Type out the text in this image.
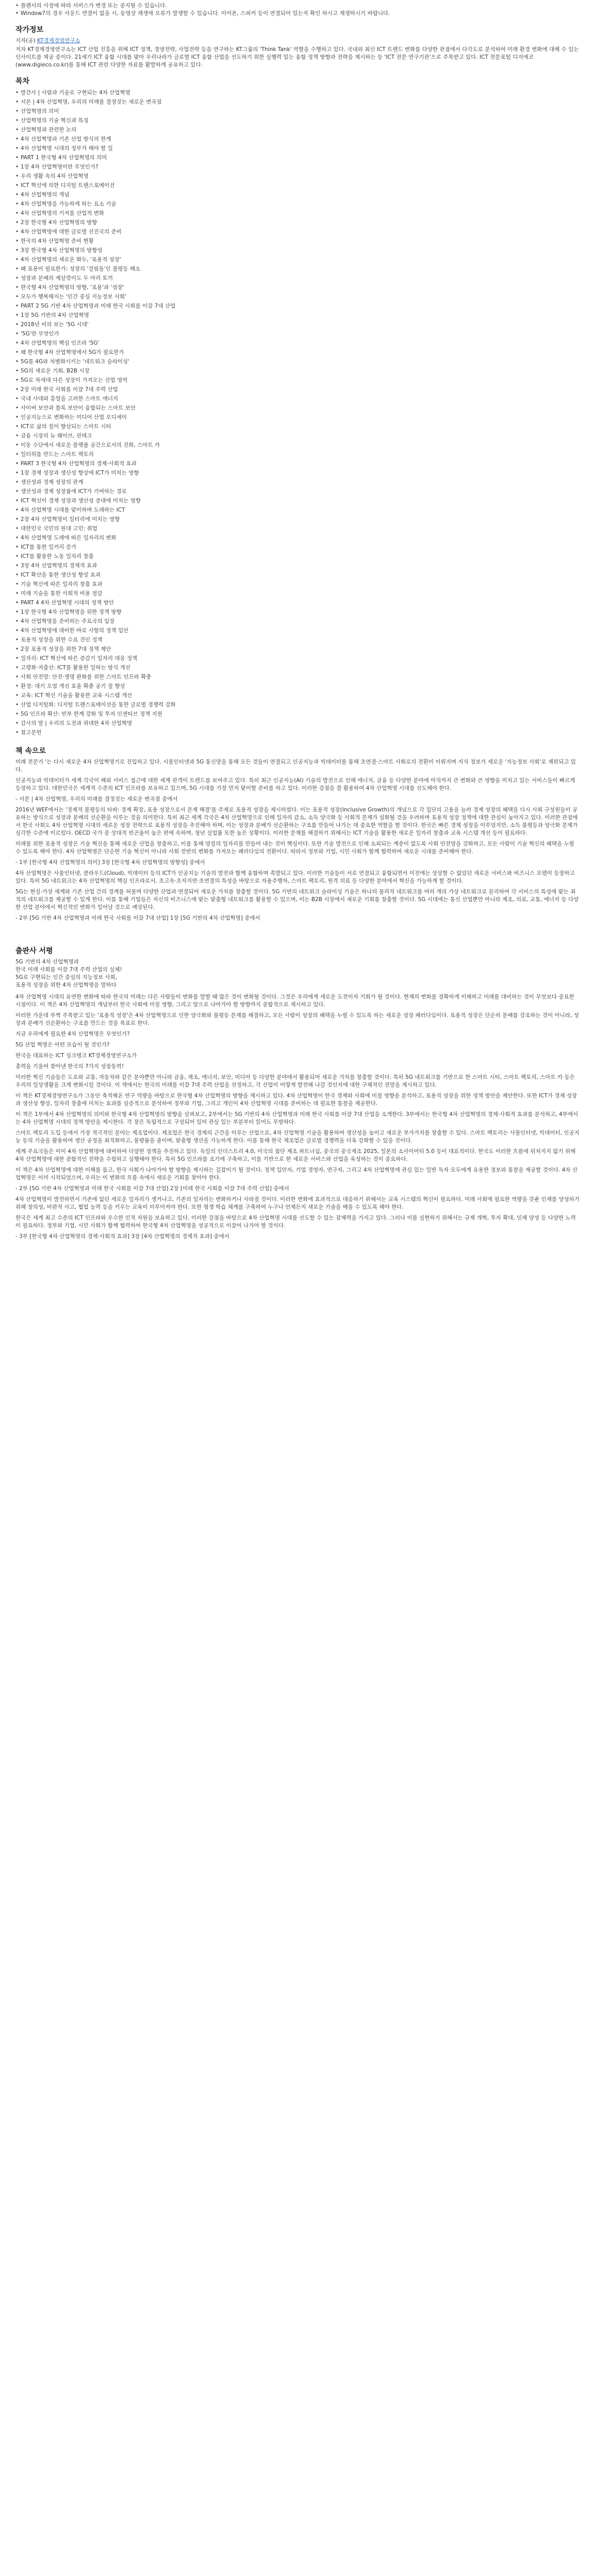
• 플랜서의 사정에 따라 서비스가 변경 또는 종지될 수 있습니다.
• Window7의 경우 사운드 연결이 없을 시, 동영상 재생에 오류가 발생할 수 있습니다. 이어폰, 스피커 등이 연결되어 있는지 확인 하시고 재생하시기 바랍니다.
작가정보
지자(공) KT경제경영연구소

저자 KT경제경영연구소는 ICT 산업 진흥을 위해 ICT 정책, 경영전략, 사업전략 등을 연구하는 KT그룹의 'Think Tank' 역할을 수행하고 있다. 국내외 최신 ICT 트렌드 변화를 다양한 관점에서 다각도로 분석하여 미래 환경 변화에 대해 수 있는 인사이트를 제공 중이다. 21세기 ICT 융합 시대를 맞아 우리나라가 글로벌 ICT 융합 산업을 선도하기 위한 실행력 있는 융합 정책 방향과 전략을 제시하는 등 'ICT 전문 연구기관'으로 주목받고 있다. ICT 전문포털 디지에코(www.digieco.co.kr)를 통해 ICT 관련 다양한 자료를 활발하게 공유하고 있다.

목차
• 발간사 | 사람과 기술로 구현되는 4차 산업혁명
• 서론 | 4차 산업혁명, 우리의 미래를 결정짓는 새로운 변곡점
• 산업혁명의 의미
• 산업혁명의 기술 혁신과 특징
• 산업혁명과 관련한 논의
• 4차 산업혁명과 기존 산업 방식의 한계
• 4차 산업혁명 시대의 정부가 해야 할 일
• PART 1 한국형 4차 산업혁명의 의미
• 1장 4차 산업혁명이란 무엇인가?
• 우리 생활 속의 4차 산업혁명
• ICT 혁신에 의한 디지털 트랜스포메이션
• 4차 산업혁명의 개념
• 4차 산업혁명을 가능하게 하는 요소 기술
• 4차 산업혁명의 기저를 산업적 변화
• 2장 한국형 4차 산업혁명의 방향
• 4차 산업혁명에 대한 글로벌 선진국의 준비
• 한국의 4차 산업혁명 준비 현황
• 3장 한국형 4차 산업혁명의 방향성
• 4차 산업혁명의 새로운 화두, '포용적 성장'
• 왜 포용이 필요한가: 성장의 '걸림돌'인 불평등 해소
• 성장과 분배의 제살깎이도 두 마리 토끼
• 한국형 4차 산업혁명의 방향, '포용'과 '성장'
• 모두가 행복해지는 '인간 중심 지능정보 사회'
• PART 2 5G 기반 4차 산업혁명과 미래 한국 사회를 이끌 7대 산업
• 1장 5G 기반의 4차 산업혁명
• 2018년 비의 보는 '5G 시대'
• '5G'란 무엇인가
• 4차 산업혁명의 핵심 인프라 '5G'
• 왜 한국형 4차 산업혁명에서 5G가 필요한가
• 5G를 4G와 차별화시키는 '네트워크 슬라이싱'
• 5G의 새로운 기회, B2B 시장
• 5G로 차세대 다른 성장이 가져오는 산업 영역
• 2장 미래 한국 사회를 이끌 7대 주력 산업
• 국내 사대와 흥얼을 고려한 스마트 에너지
• 사이버 보안과 블록 보안이 융합되는 스마트 보안
• 인공지능으로 변화하는 미디어 산업 오디세이
• ICT로 삶의 질이 향상되는 스마트 시티
• 금융 시장의 뉴 웨이브, 핀테크
• 이동 수단에서 새로운 플랫폼 공간으로서의 진화, 스마트 카
• 일터위를 만드는 스마트 팩토리
• PART 3 한국형 4차 산업혁명의 경제·사회적 효과
• 1장 경제 성장과 생산성 향상에 ICT가 미치는 영향
• 생산성과 경제 성장의 관계
• 생산성과 경제 성장률에 ICT가 기여하는 경로
• ICT 혁신이 경제 성장과 생산성 증대에 미치는 영향
• 4차 산업혁명 시대를 맞이하며 도래하는 ICT
• 2장 4차 산업혁명이 일터리에 미치는 영향
• 대한민국 국민의 원대 고민: 취업
• 4차 산업혁명 도래에 따른 일자리의 변화
• ICT를 통한 일거리 증가
• ICT를 활용한 노동 일자리 창출
• 3장 4차 산업혁명의 경제적 효과
• ICT 확산을 통한 생산성 향상 효과
• 기술 혁신에 따른 일자리 창출 효과
• 미래 기술을 통한 사회적 비용 절감
• PART 4 4차 산업혁명 시대의 정책 방안
• 1장 한국형 4차 산업혁명을 위한 정책 방향
• 4차 산업혁명을 준비하는 주요국의 입장
• 4차 산업혁명에 대비한 바로 사항의 정책 입안
• 포용적 성장을 위한 수요 견인 정책
• 2장 포용적 성장을 위한 7대 정책 제안
• 일자리: ICT 혁신에 따른 증감기 일자리 대응 정책
• 고령화·저출산: ICT를 활용한 일하는 방식 개선
• 사회 안전망: 안전·생명 완화를 위한 스마트 인프라 확충
• 환경: 대기 오염 개선 효율 확충 공기 질 향상
• 교육: ICT 혁신 기술을 활용한 교육 시스템 개선
• 산업 디지털화: 디지털 트랜스포메이션을 통한 글로벌 경쟁력 강화
• 5G 인프라 확산: 빈부 한계 강화 및 투자 인센티브 정책 지원
• 감사의 말 | 우리의 도전과 위대한 4차 산업혁명
• 참고문헌
책 속으로

미래 전문가 '는 다시 새로운 4차 산업혁명기로 진입하고 있다. 시물인터넷과 5G 통신망을 통해 모든 것들이 연결되고 인공지능과 빅데이터를 통해 초연결·스마트 사회로의 전환이 이뤄지며 지식 정보가 새로운 '지능정보 사회'로 재편되고 있다.

인공지능과 빅데이터가 세계 각국이 해외 서비스 접근에 대한 세계 관객이 트렌드를 보여주고 있다. 특히 최근 인공지능(AI) 기술의 발전으로 인해 에너지, 금융 등 다양한 분야에 아직까지 큰 변화와 큰 영향을 미치고 있는 서비스들이 빠르게 등장하고 있다. 대한민국은 세계적 수준의 ICT 인프라를 보유하고 있으며, 5G 시대를 가장 먼저 맞이할 준비를 하고 있다. 이러한 강점을 잘 활용하여 4차 산업혁명 시대를 선도해야 한다.

- 서문 | 4차 산업혁명, 우리의 미래를 결정짓는 새로운 변곡점 중에서

2016년 WEF에서는 '경제적 불평등의 타파: 경제 확장, 포용 성장으로서 문제 해결'를 주제로 포용적 성장을 제시하였다. 이는 포용적 성장(Inclusive Growth)의 개념으로 각 집단의 고용을 늘려 경제 성장의 혜택을 다시 사회 구성원들이 공유하는 방식으로 성장과 분배의 선순환을 이루는 것을 의미한다. 특히 최근 세계 각국은 4차 산업혁명으로 인해 일자리 감소, 소득 양극화 등 사회적 문제가 심화될 것을 우려하며 포용적 성장 정책에 대한 관심이 높아지고 있다. 이러한 관점에서 한국 사회도 4차 산업혁명 시대의 새로운 성장 전략으로 포용적 성장을 추진해야 하며, 이는 성장과 분배가 선순환하는 구조를 만들어 나가는 데 중요한 역할을 할 것이다. 한국은 빠른 경제 성장을 이루었지만, 소득 불평등과 양극화 문제가 심각한 수준에 이르렀다. OECD 국가 중 상대적 빈곤율이 높은 편에 속하며, 청년 실업률 또한 높은 상황이다. 이러한 문제를 해결하기 위해서는 ICT 기술을 활용한 새로운 일자리 창출과 교육 시스템 개선 등이 필요하다.

미래를 위한 포용적 성장은 기술 혁신을 통해 새로운 산업을 창출하고, 이를 통해 양질의 일자리를 만들어 내는 것이 핵심이다. 또한 기술 발전으로 인해 소외되는 계층이 없도록 사회 안전망을 강화하고, 모든 사람이 기술 혁신의 혜택을 누릴 수 있도록 해야 한다. 4차 산업혁명은 단순한 기술 혁신이 아니라 사회 전반의 변화를 가져오는 패러다임의 전환이다. 따라서 정부와 기업, 시민 사회가 함께 협력하여 새로운 시대를 준비해야 한다.

- 1부 [한국형 4차 산업혁명의 의미] 3장 [한국형 4차 산업혁명의 방향성] 중에서

4차 산업혁명은 사물인터넷, 클라우드(Cloud), 빅데이터 등의 ICT가 인공지능 기술의 발전과 함께 융합하며 촉발되고 있다. 이러한 기술들이 서로 연결되고 융합되면서 이전에는 상상할 수 없었던 새로운 서비스와 비즈니스 모델이 등장하고 있다. 특히 5G 네트워크는 4차 산업혁명의 핵심 인프라로서, 초고속·초저지연·초연결의 특성을 바탕으로 자율주행차, 스마트 팩토리, 원격 의료 등 다양한 분야에서 혁신을 가능하게 할 것이다.

5G는 현실·가상 세계와 기존 산업 간의 경계를 허물며 다양한 산업과 연결되어 새로운 가치를 창출할 것이다. 5G 기반의 네트워크 슬라이싱 기술은 하나의 물리적 네트워크를 여러 개의 가상 네트워크로 분리하여 각 서비스의 특성에 맞는 최적의 네트워크를 제공할 수 있게 한다. 이를 통해 기업들은 자신의 비즈니스에 맞는 맞춤형 네트워크를 활용할 수 있으며, 이는 B2B 시장에서 새로운 기회를 창출할 것이다. 5G 시대에는 통신 산업뿐만 아니라 제조, 의료, 교통, 에너지 등 다양한 산업 분야에서 혁신적인 변화가 일어날 것으로 예상된다.

- 2부 [5G 기반 4차 산업혁명과 미래 한국 사회를 이끌 7대 산업] 1장 [5G 기반의 4차 산업혁명] 중에서

출판사 서평
5G 기반의 4차 산업혁명과
한국 미래 사회를 이끌 7대 주력 산업의 실체!
5G로 구현되는 인간 중심의 지능정보 사회,
포용적 성장을 위한 4차 산업혁명을 말하다

4차 산업혁명 시대의 유연한 변화에 따라 한국의 미래는 다른 사람들이 변화를 말할 때 많은 것이 변화될 것이다. 그것은 우리에게 새로운 도전이자 기회가 될 것이다. 현재의 변화를 정확하게 이해하고 미래를 대비하는 것이 무엇보다 중요한 시점이다. 이 책은 4차 산업혁명의 개념부터 한국 사회에 미칠 영향, 그리고 앞으로 나아가야 할 방향까지 종합적으로 제시하고 있다.

이러한 가운데 부쩍 주목받고 있는 '포용적 성장'은 4차 산업혁명으로 인한 양극화와 불평등 문제를 해결하고, 모든 사람이 성장의 혜택을 누릴 수 있도록 하는 새로운 성장 패러다임이다. 포용적 성장은 단순히 분배를 강조하는 것이 아니라, 성장과 분배가 선순환하는 구조를 만드는 것을 목표로 한다.

지금 우리에게 필요한 4차 산업혁명은 무엇인가?

5G 산업 혁명은 어떤 모습이 될 것인가?

한국을 대표하는 ICT 싱크탱크 KT경제경영연구소가

총력을 기울여 찾아낸 한국의 7가지 성장동력!

이러한 혁신 기술들은 도로와 교통, 자동차와 같은 분야뿐만 아니라 금융, 제조, 에너지, 보안, 미디어 등 다양한 분야에서 활용되어 새로운 가치를 창출할 것이다. 특히 5G 네트워크를 기반으로 한 스마트 시티, 스마트 팩토리, 스마트 카 등은 우리의 일상생활을 크게 변화시킬 것이다. 이 책에서는 한국의 미래를 이끌 7대 주력 산업을 선정하고, 각 산업이 어떻게 발전해 나갈 것인지에 대한 구체적인 전망을 제시하고 있다.

이 책은 KT경제경영연구소가 그동안 축적해온 연구 역량을 바탕으로 한국형 4차 산업혁명의 방향을 제시하고 있다. 4차 산업혁명이 한국 경제와 사회에 미칠 영향을 분석하고, 포용적 성장을 위한 정책 방안을 제안한다. 또한 ICT가 경제 성장과 생산성 향상, 일자리 창출에 미치는 효과를 실증적으로 분석하여 정부와 기업, 그리고 개인이 4차 산업혁명 시대를 준비하는 데 필요한 통찰을 제공한다.

이 책은 1부에서 4차 산업혁명의 의미와 한국형 4차 산업혁명의 방향을 살펴보고, 2부에서는 5G 기반의 4차 산업혁명과 미래 한국 사회를 이끌 7대 산업을 소개한다. 3부에서는 한국형 4차 산업혁명의 경제·사회적 효과를 분석하고, 4부에서는 4차 산업혁명 시대의 정책 방안을 제시한다. 각 장은 독립적으로 구성되어 있어 관심 있는 부분부터 읽어도 무방하다.

스마트 팩토리 도입 등에서 가장 적극적인 분야는 제조업이다. 제조업은 한국 경제의 근간을 이루는 산업으로, 4차 산업혁명 기술을 활용하여 생산성을 높이고 새로운 부가가치를 창출할 수 있다. 스마트 팩토리는 사물인터넷, 빅데이터, 인공지능 등의 기술을 활용하여 생산 공정을 최적화하고, 불량률을 줄이며, 맞춤형 생산을 가능하게 한다. 이를 통해 한국 제조업은 글로벌 경쟁력을 더욱 강화할 수 있을 것이다.

세계 주요국들은 이미 4차 산업혁명에 대비하여 다양한 정책을 추진하고 있다. 독일의 인더스트리 4.0, 미국의 첨단 제조 파트너십, 중국의 중국제조 2025, 일본의 소사이어티 5.0 등이 대표적이다. 한국도 이러한 흐름에 뒤처지지 않기 위해 4차 산업혁명에 대한 종합적인 전략을 수립하고 실행해야 한다. 특히 5G 인프라를 조기에 구축하고, 이를 기반으로 한 새로운 서비스와 산업을 육성하는 것이 중요하다.

이 책은 4차 산업혁명에 대한 이해를 돕고, 한국 사회가 나아가야 할 방향을 제시하는 길잡이가 될 것이다. 정책 입안자, 기업 경영자, 연구자, 그리고 4차 산업혁명에 관심 있는 일반 독자 모두에게 유용한 정보와 통찰을 제공할 것이다. 4차 산업혁명은 이미 시작되었으며, 우리는 이 변화의 흐름 속에서 새로운 기회를 찾아야 한다.

- 2부 [5G 기반 4차 산업혁명과 미래 한국 사회를 이끌 7대 산업] 2장 [미래 한국 사회를 이끌 7대 주력 산업] 중에서

4차 산업혁명이 발전하면서 기존에 없던 새로운 일자리가 생겨나고, 기존의 일자리는 변화하거나 사라질 것이다. 이러한 변화에 효과적으로 대응하기 위해서는 교육 시스템의 혁신이 필요하다. 미래 사회에 필요한 역량을 갖춘 인재를 양성하기 위해 창의성, 비판적 사고, 협업 능력 등을 키우는 교육이 이루어져야 한다. 또한 평생 학습 체계를 구축하여 누구나 언제든지 새로운 기술을 배울 수 있도록 해야 한다.

한국은 세계 최고 수준의 ICT 인프라와 우수한 인적 자원을 보유하고 있다. 이러한 강점을 바탕으로 4차 산업혁명 시대를 선도할 수 있는 잠재력을 가지고 있다. 그러나 이를 실현하기 위해서는 규제 개혁, 투자 확대, 인재 양성 등 다양한 노력이 필요하다. 정부와 기업, 시민 사회가 함께 협력하여 한국형 4차 산업혁명을 성공적으로 이끌어 나가야 할 것이다.

- 3부 [한국형 4차 산업혁명의 경제·사회적 효과] 3장 [4차 산업혁명의 경제적 효과] 중에서
